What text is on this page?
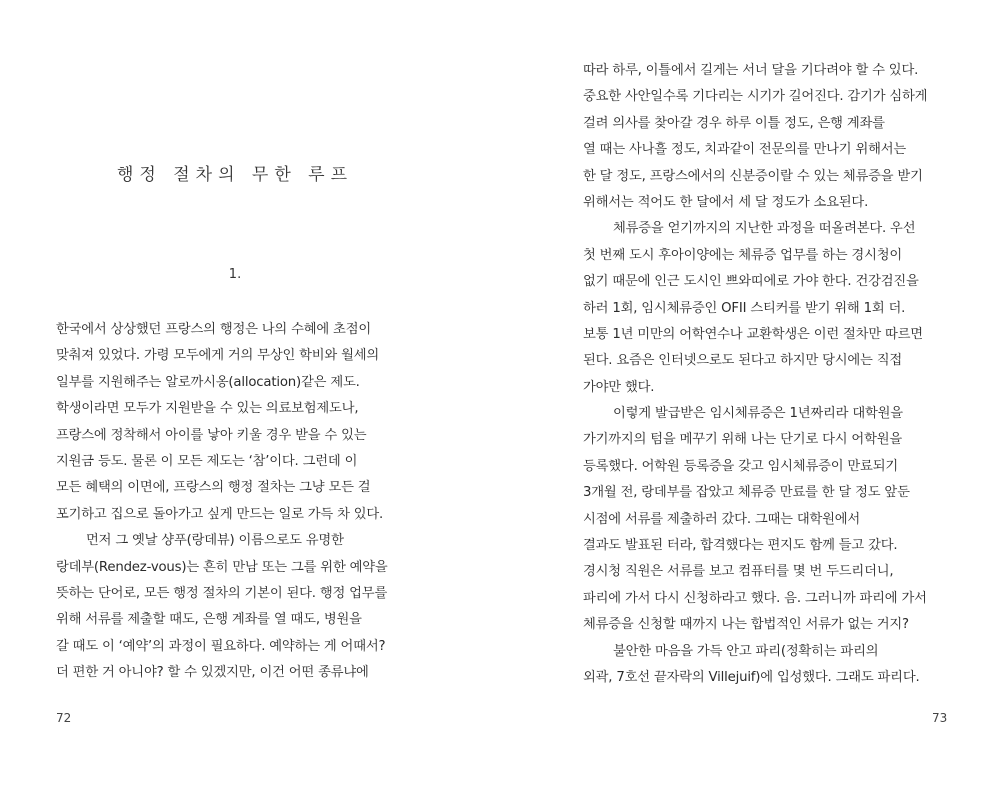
행정 절차의 무한 루프
1.
한국에서 상상했던 프랑스의 행정은 나의 수혜에 초점이
맞춰져 있었다. 가령 모두에게 거의 무상인 학비와 월세의
일부를 지원해주는 알로까시옹(allocation)같은 제도.
학생이라면 모두가 지원받을 수 있는 의료보험제도나,
프랑스에 정착해서 아이를 낳아 키울 경우 받을 수 있는
지원금 등도. 물론 이 모든 제도는 ‘참’이다. 그런데 이
모든 혜택의 이면에, 프랑스의 행정 절차는 그냥 모든 걸
포기하고 집으로 돌아가고 싶게 만드는 일로 가득 차 있다.
먼저 그 옛날 샹푸(랑데뷰) 이름으로도 유명한
랑데부(Rendez-vous)는 흔히 만남 또는 그를 위한 예약을
뜻하는 단어로, 모든 행정 절차의 기본이 된다. 행정 업무를
위해 서류를 제출할 때도, 은행 계좌를 열 때도, 병원을
갈 때도 이 ‘예약’의 과정이 필요하다. 예약하는 게 어때서?
더 편한 거 아니야? 할 수 있겠지만, 이건 어떤 종류냐에
72
따라 하루, 이틀에서 길게는 서너 달을 기다려야 할 수 있다.
중요한 사안일수록 기다리는 시기가 길어진다. 감기가 심하게
걸려 의사를 찾아갈 경우 하루 이틀 정도, 은행 계좌를
열 때는 사나흘 정도, 치과같이 전문의를 만나기 위해서는
한 달 정도, 프랑스에서의 신분증이랄 수 있는 체류증을 받기
위해서는 적어도 한 달에서 세 달 정도가 소요된다.
체류증을 얻기까지의 지난한 과정을 떠올려본다. 우선
첫 번째 도시 후아이양에는 체류증 업무를 하는 경시청이
없기 때문에 인근 도시인 쁘와띠에로 가야 한다. 건강검진을
하러 1회, 임시체류증인 OFII 스티커를 받기 위해 1회 더.
보통 1년 미만의 어학연수나 교환학생은 이런 절차만 따르면
된다. 요즘은 인터넷으로도 된다고 하지만 당시에는 직접
가야만 했다.
이렇게 발급받은 임시체류증은 1년짜리라 대학원을
가기까지의 텀을 메꾸기 위해 나는 단기로 다시 어학원을
등록했다. 어학원 등록증을 갖고 임시체류증이 만료되기
3개월 전, 랑데부를 잡았고 체류증 만료를 한 달 정도 앞둔
시점에 서류를 제출하러 갔다. 그때는 대학원에서
결과도 발표된 터라, 합격했다는 편지도 함께 들고 갔다.
경시청 직원은 서류를 보고 컴퓨터를 몇 번 두드리더니,
파리에 가서 다시 신청하라고 했다. 음. 그러니까 파리에 가서
체류증을 신청할 때까지 나는 합법적인 서류가 없는 거지?
불안한 마음을 가득 안고 파리(정확히는 파리의
외곽, 7호선 끝자락의 Villejuif)에 입성했다. 그래도 파리다.
73
